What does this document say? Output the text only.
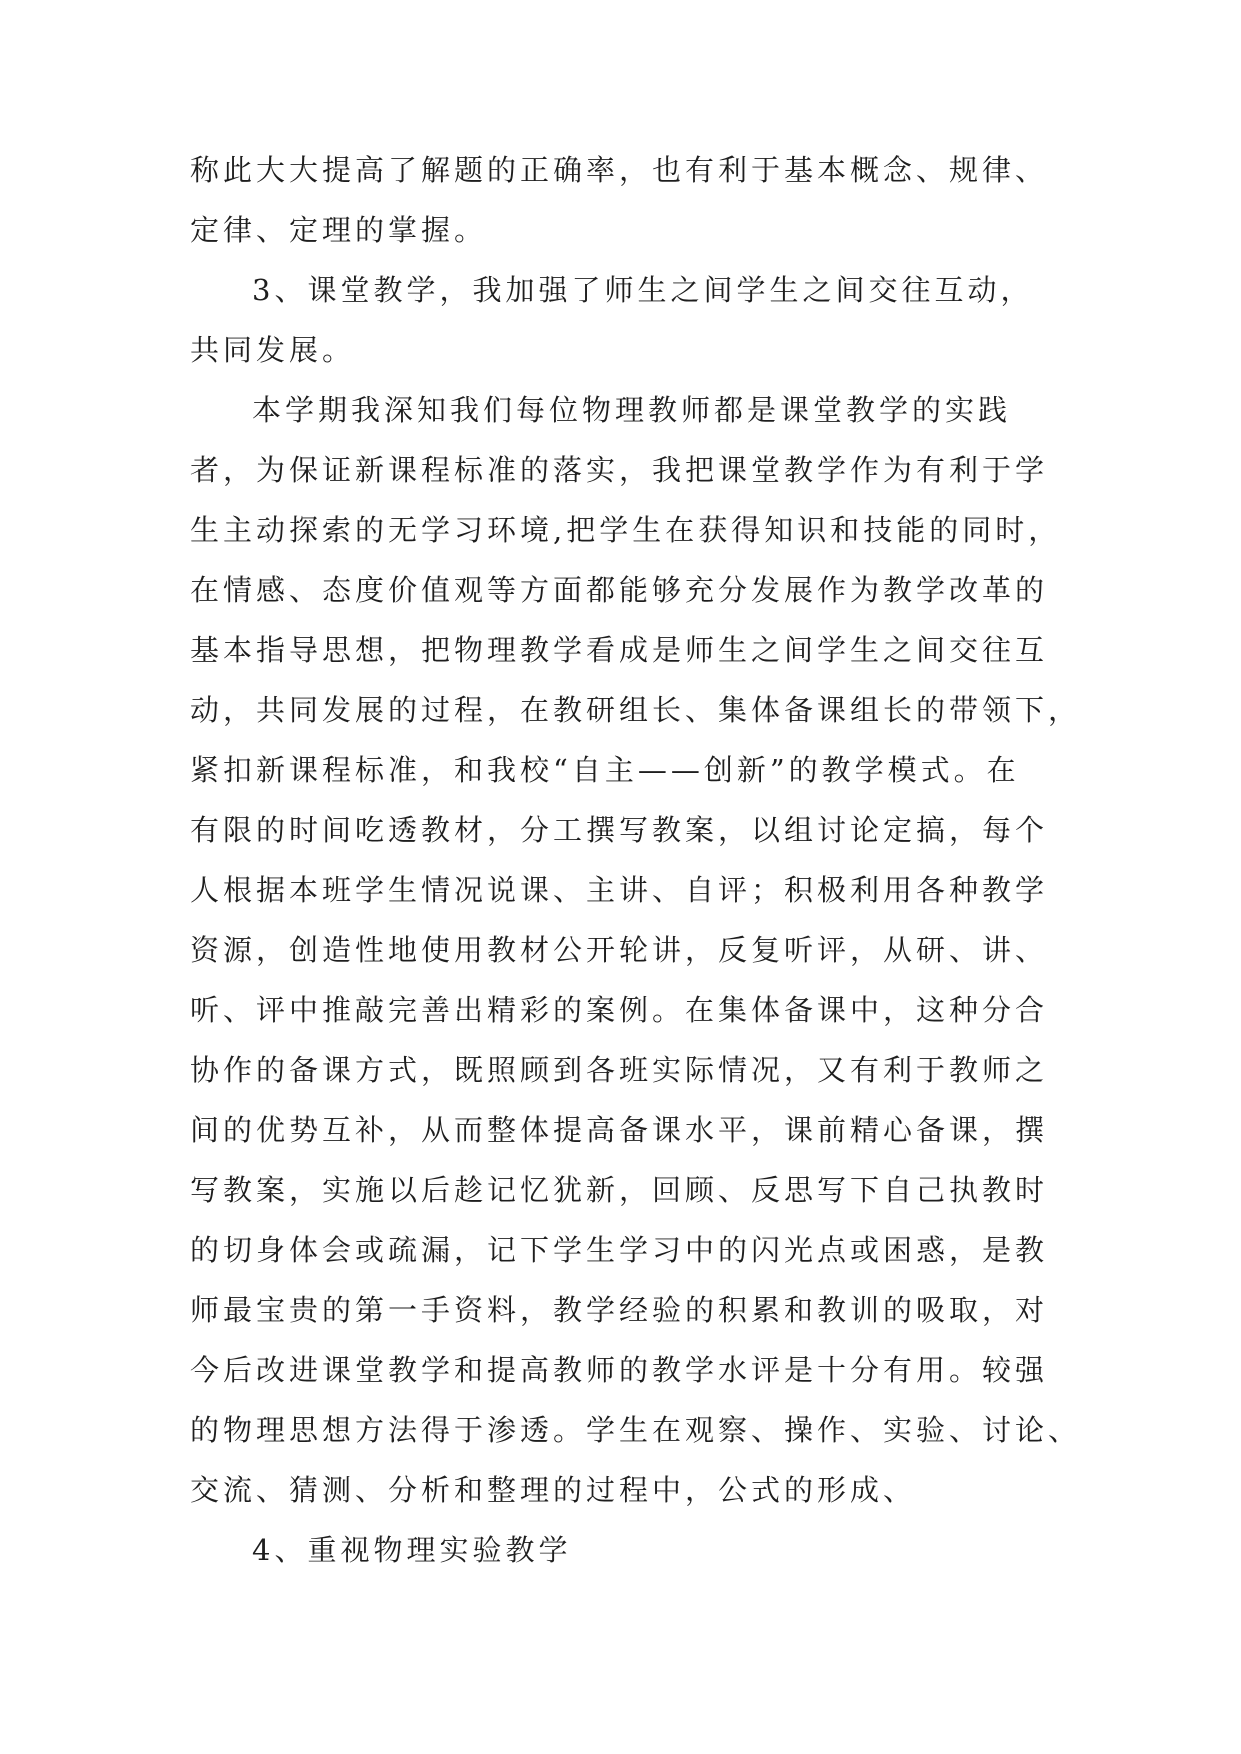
称此大大提高了解题的正确率，也有利于基本概念、规律、

定律、定理的掌握。

3、课堂教学，我加强了师生之间学生之间交往互动，

共同发展。

本学期我深知我们每位物理教师都是课堂教学的实践

者，为保证新课程标准的落实，我把课堂教学作为有利于学

生主动探索的无学习环境,把学生在获得知识和技能的同时，

在情感、态度价值观等方面都能够充分发展作为教学改革的

基本指导思想，把物理教学看成是师生之间学生之间交往互

动，共同发展的过程，在教研组长、集体备课组长的带领下，

紧扣新课程标准，和我校“自主——创新”的教学模式。在

有限的时间吃透教材，分工撰写教案，以组讨论定搞，每个

人根据本班学生情况说课、主讲、自评；积极利用各种教学

资源，创造性地使用教材公开轮讲，反复听评，从研、讲、

听、评中推敲完善出精彩的案例。在集体备课中，这种分合

协作的备课方式，既照顾到各班实际情况，又有利于教师之

间的优势互补，从而整体提高备课水平，课前精心备课，撰

写教案，实施以后趁记忆犹新，回顾、反思写下自己执教时

的切身体会或疏漏，记下学生学习中的闪光点或困惑，是教

师最宝贵的第一手资料，教学经验的积累和教训的吸取，对

今后改进课堂教学和提高教师的教学水评是十分有用。较强

的物理思想方法得于渗透。学生在观察、操作、实验、讨论、

交流、猜测、分析和整理的过程中，公式的形成、

4、重视物理实验教学
